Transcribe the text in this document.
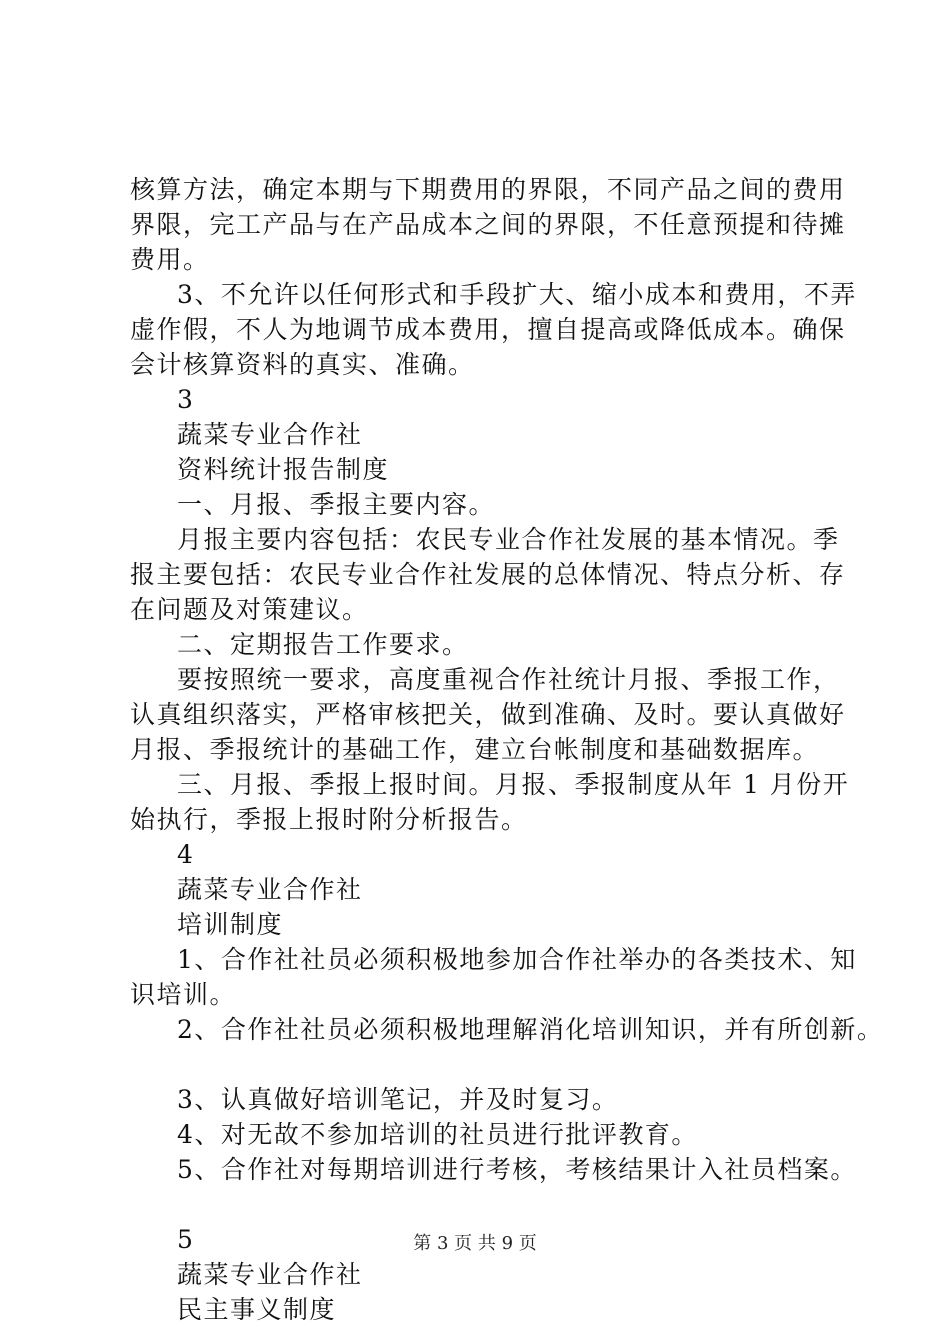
核算方法，确定本期与下期费用的界限，不同产品之间的费用
界限，完工产品与在产品成本之间的界限，不任意预提和待摊
费用。
3、不允许以任何形式和手段扩大、缩小成本和费用，不弄
虚作假，不人为地调节成本费用，擅自提高或降低成本。确保
会计核算资料的真实、准确。
3
蔬菜专业合作社
资料统计报告制度
一、月报、季报主要内容。
月报主要内容包括：农民专业合作社发展的基本情况。季
报主要包括：农民专业合作社发展的总体情况、特点分析、存
在问题及对策建议。
二、定期报告工作要求。
要按照统一要求，高度重视合作社统计月报、季报工作，
认真组织落实，严格审核把关，做到准确、及时。要认真做好
月报、季报统计的基础工作，建立台帐制度和基础数据库。
三、月报、季报上报时间。月报、季报制度从年 1 月份开
始执行，季报上报时附分析报告。
4
蔬菜专业合作社
培训制度
1、合作社社员必须积极地参加合作社举办的各类技术、知
识培训。
2、合作社社员必须积极地理解消化培训知识，并有所创新。
3、认真做好培训笔记，并及时复习。
4、对无故不参加培训的社员进行批评教育。
5、合作社对每期培训进行考核，考核结果计入社员档案。
5
蔬菜专业合作社
民主事义制度
第 3 页 共 9 页
